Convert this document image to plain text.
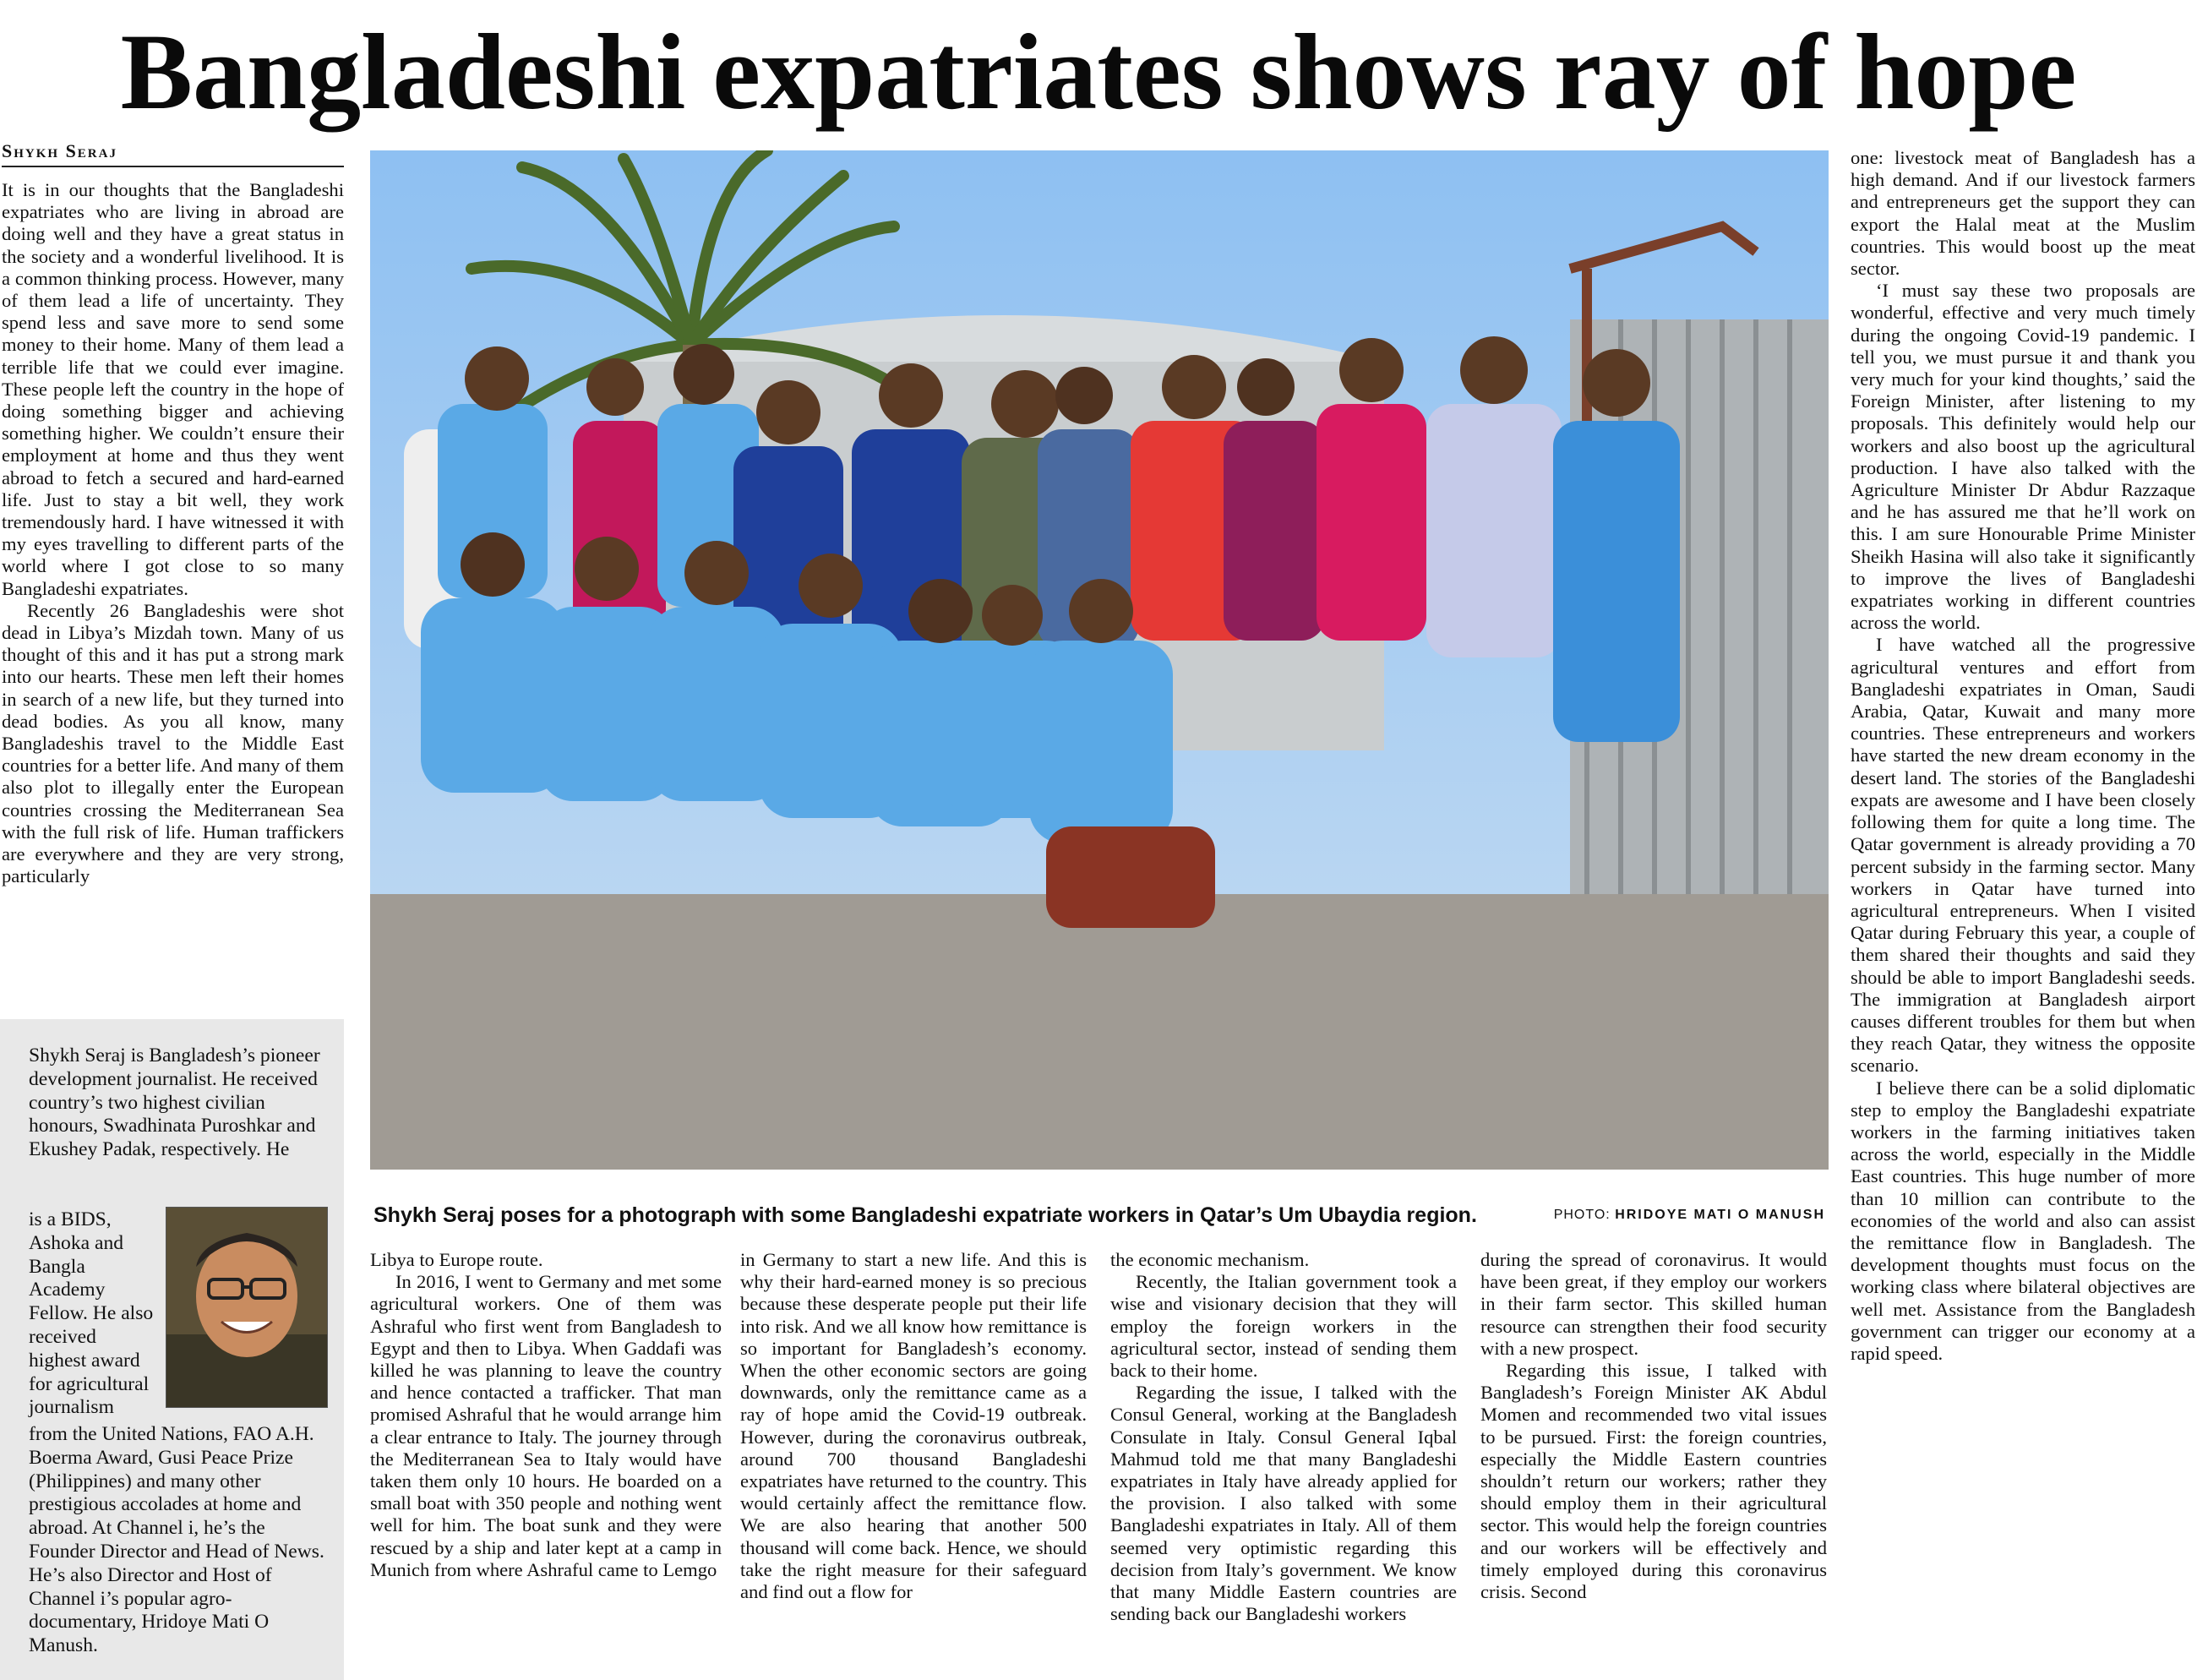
Bangladeshi expatriates shows ray of hope
Shykh Seraj

It is in our thoughts that the Bangladeshi expatriates who are living in abroad are doing well and they have a great status in the society and a wonderful livelihood. It is a common thinking process. However, many of them lead a life of uncertainty. They spend less and save more to send some money to their home. Many of them lead a terrible life that we could ever imagine. These people left the country in the hope of doing something bigger and achieving something higher. We couldn’t ensure their employment at home and thus they went abroad to fetch a secured and hard-earned life. Just to stay a bit well, they work tremendously hard. I have witnessed it with my eyes travelling to different parts of the world where I got close to so many Bangladeshi expatriates.

Recently 26 Bangladeshis were shot dead in Libya’s Mizdah town. Many of us thought of this and it has put a strong mark into our hearts. These men left their homes in search of a new life, but they turned into dead bodies. As you all know, many Bangladeshis travel to the Middle East countries for a better life. And many of them also plot to illegally enter the European countries crossing the Mediterranean Sea with the full risk of life. Human traffickers are everywhere and they are very strong, particularly

Shykh Seraj poses for a photograph with some Bangladeshi expatriate workers in Qatar’s Um Ubaydia region.	PHOTO: HRIDOYE MATI O MANUSH
Shykh Seraj is Bangladesh’s pioneer development journalist. He received country’s two highest civilian honours, Swadhinata Puroshkar and Ekushey Padak, respectively. He
is a BIDS, Ashoka and Bangla Academy Fellow. He also received highest award for agricultural journalism
from the United Nations, FAO A.H. Boerma Award, Gusi Peace Prize (Philippines) and many other prestigious accolades at home and abroad. At Channel i, he’s the Founder Director and Head of News. He’s also Director and Host of Channel i’s popular agro-documentary, Hridoye Mati O Manush.

Libya to Europe route.

In 2016, I went to Germany and met some agricultural workers. One of them was Ashraful who first went from Bangladesh to Egypt and then to Libya. When Gaddafi was killed he was planning to leave the country and hence contacted a trafficker. That man promised Ashraful that he would arrange him a clear entrance to Italy. The journey through the Mediterranean Sea to Italy would have taken them only 10 hours. He boarded on a small boat with 350 people and nothing went well for him. The boat sunk and they were rescued by a ship and later kept at a camp in Munich from where Ashraful came to Lemgo

in Germany to start a new life. And this is why their hard-earned money is so precious because these desperate people put their life into risk. And we all know how remittance is so important for Bangladesh’s economy. When the other economic sectors are going downwards, only the remittance came as a ray of hope amid the Covid-19 outbreak. However, during the coronavirus outbreak, around 700 thousand Bangladeshi expatriates have returned to the country. This would certainly affect the remittance flow. We are also hearing that another 500 thousand will come back. Hence, we should take the right measure for their safeguard and find out a flow for

the economic mechanism.

Recently, the Italian government took a wise and visionary decision that they will employ the foreign workers in the agricultural sector, instead of sending them back to their home.

Regarding the issue, I talked with the Consul General, working at the Bangladesh Consulate in Italy. Consul General Iqbal Mahmud told me that many Bangladeshi expatriates in Italy have already applied for the provision. I also talked with some Bangladeshi expatriates in Italy. All of them seemed very optimistic regarding this decision from Italy’s government. We know that many Middle Eastern countries are sending back our Bangladeshi workers

during the spread of coronavirus. It would have been great, if they employ our workers in their farm sector. This skilled human resource can strengthen their food security with a new prospect.

Regarding this issue, I talked with Bangladesh’s Foreign Minister AK Abdul Momen and recommended two vital issues to be pursued. First: the foreign countries, especially the Middle Eastern countries shouldn’t return our workers; rather they should employ them in their agricultural sector. This would help the foreign countries and our workers will be effectively and timely employed during this coronavirus crisis. Second

one: livestock meat of Bangladesh has a high demand. And if our livestock farmers and entrepreneurs get the support they can export the Halal meat at the Muslim countries. This would boost up the meat sector.

‘I must say these two proposals are wonderful, effective and very much timely during the ongoing Covid-19 pandemic. I tell you, we must pursue it and thank you very much for your kind thoughts,’ said the Foreign Minister, after listening to my proposals. This definitely would help our workers and also boost up the agricultural production. I have also talked with the Agriculture Minister Dr Abdur Razzaque and he has assured me that he’ll work on this. I am sure Honourable Prime Minister Sheikh Hasina will also take it significantly to improve the lives of Bangladeshi expatriates working in different countries across the world.

I have watched all the progressive agricultural ventures and effort from Bangladeshi expatriates in Oman, Saudi Arabia, Qatar, Kuwait and many more countries. These entrepreneurs and workers have started the new dream economy in the desert land. The stories of the Bangladeshi expats are awesome and I have been closely following them for quite a long time. The Qatar government is already providing a 70 percent subsidy in the farming sector. Many workers in Qatar have turned into agricultural entrepreneurs. When I visited Qatar during February this year, a couple of them shared their thoughts and said they should be able to import Bangladeshi seeds. The immigration at Bangladesh airport causes different troubles for them but when they reach Qatar, they witness the opposite scenario.

I believe there can be a solid diplomatic step to employ the Bangladeshi expatriate workers in the farming initiatives taken across the world, especially in the Middle East countries. This huge number of more than 10 million can contribute to the economies of the world and also can assist the remittance flow in Bangladesh. The development thoughts must focus on the working class where bilateral objectives are well met. Assistance from the Bangladesh government can trigger our economy at a rapid speed.
